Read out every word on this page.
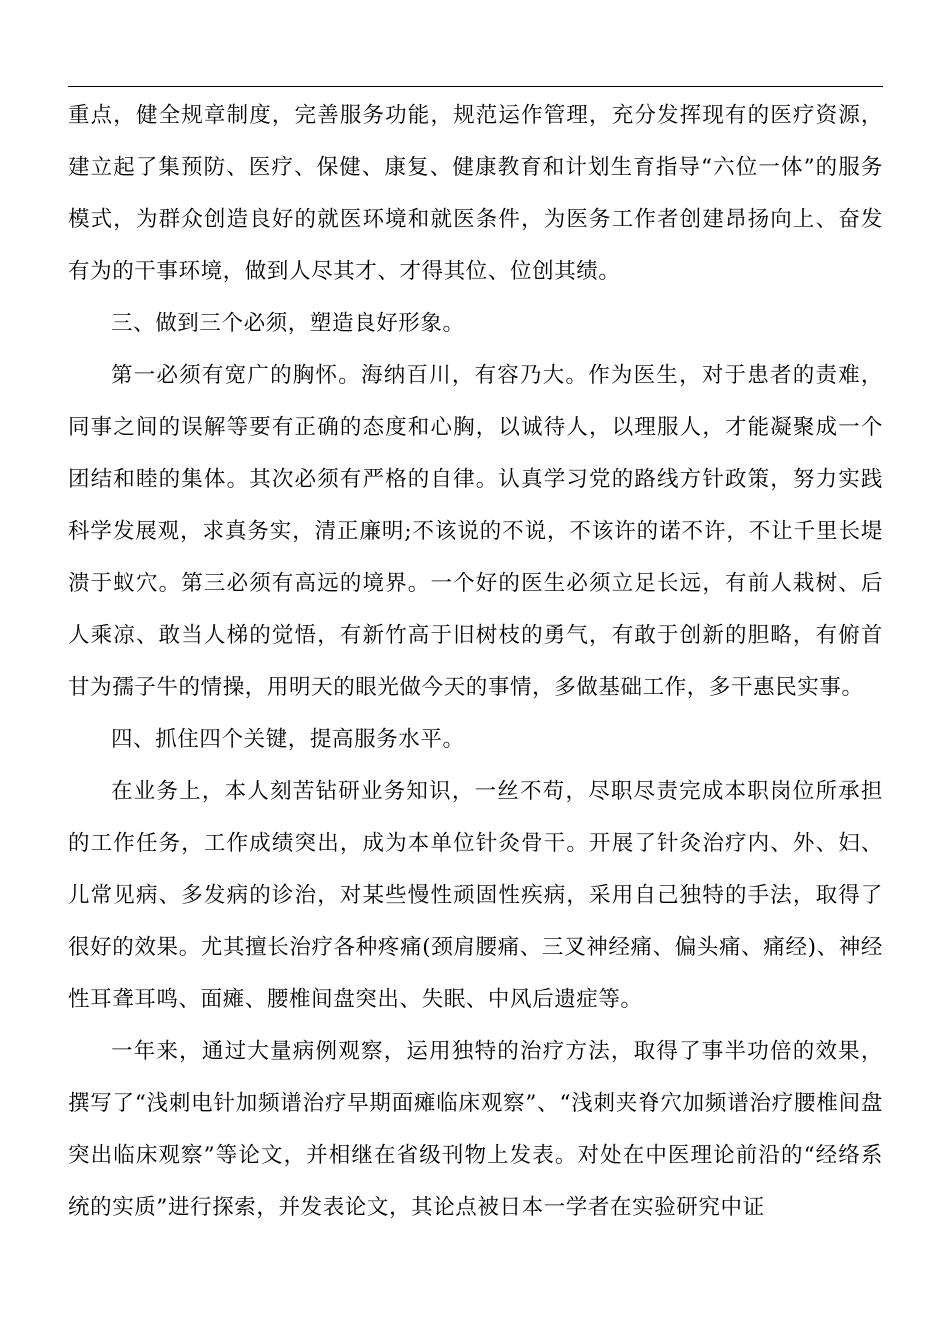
重点，健全规章制度，完善服务功能，规范运作管理，充分发挥现有的医疗资源，建立起了集预防、医疗、保健、康复、健康教育和计划生育指导“六位一体”的服务模式，为群众创造良好的就医环境和就医条件，为医务工作者创建昂扬向上、奋发有为的干事环境，做到人尽其才、才得其位、位创其绩。

三、做到三个必须，塑造良好形象。

第一必须有宽广的胸怀。海纳百川，有容乃大。作为医生，对于患者的责难，同事之间的误解等要有正确的态度和心胸，以诚待人，以理服人，才能凝聚成一个团结和睦的集体。其次必须有严格的自律。认真学习党的路线方针政策，努力实践科学发展观，求真务实，清正廉明;不该说的不说，不该许的诺不许，不让千里长堤溃于蚁穴。第三必须有高远的境界。一个好的医生必须立足长远，有前人栽树、后人乘凉、敢当人梯的觉悟，有新竹高于旧树枝的勇气，有敢于创新的胆略，有俯首甘为孺子牛的情操，用明天的眼光做今天的事情，多做基础工作，多干惠民实事。

四、抓住四个关键，提高服务水平。

在业务上，本人刻苦钻研业务知识，一丝不苟，尽职尽责完成本职岗位所承担的工作任务，工作成绩突出，成为本单位针灸骨干。开展了针灸治疗内、外、妇、儿常见病、多发病的诊治，对某些慢性顽固性疾病，采用自己独特的手法，取得了很好的效果。尤其擅长治疗各种疼痛(颈肩腰痛、三叉神经痛、偏头痛、痛经)、神经性耳聋耳鸣、面瘫、腰椎间盘突出、失眠、中风后遗症等。

一年来，通过大量病例观察，运用独特的治疗方法，取得了事半功倍的效果，撰写了“浅刺电针加频谱治疗早期面瘫临床观察”、“浅刺夹脊穴加频谱治疗腰椎间盘突出临床观察”等论文，并相继在省级刊物上发表。对处在中医理论前沿的“经络系统的实质”进行探索，并发表论文，其论点被日本一学者在实验研究中证
